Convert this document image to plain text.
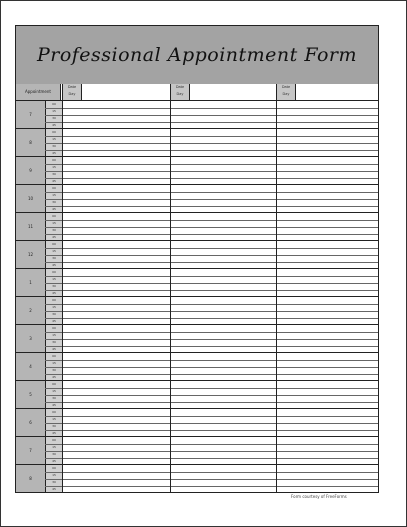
Professional Appointment Form
Appointment
Date
Day
Date
Day
Date
Day
7
00
15
30
45
8
00
15
30
45
9
00
15
30
45
10
00
15
30
45
11
00
15
30
45
12
00
15
30
45
1
00
15
30
45
2
00
15
30
45
3
00
15
30
45
4
00
15
30
45
5
00
15
30
45
6
00
15
30
45
7
00
15
30
45
8
00
15
30
45
Form courtesy of FreeForms
